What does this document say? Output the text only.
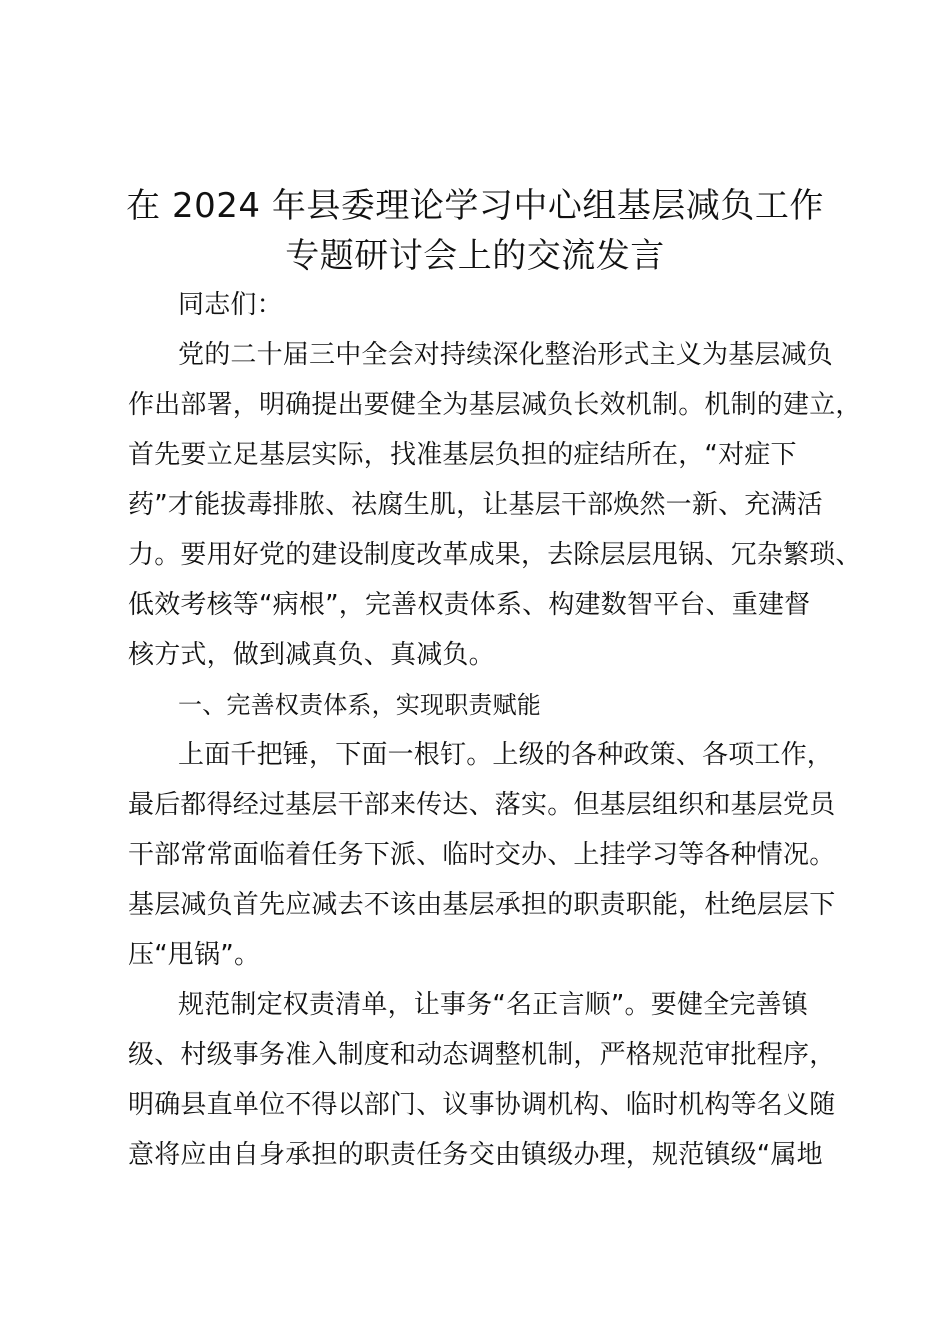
在 2024 年县委理论学习中心组基层减负工作
专题研讨会上的交流发言
同志们：
党的二十届三中全会对持续深化整治形式主义为基层减负
作出部署，明确提出要健全为基层减负长效机制。机制的建立，
首先要立足基层实际，找准基层负担的症结所在，“对症下
药”才能拔毒排脓、祛腐生肌，让基层干部焕然一新、充满活
力。要用好党的建设制度改革成果，去除层层甩锅、冗杂繁琐、
低效考核等“病根”，完善权责体系、构建数智平台、重建督
核方式，做到减真负、真减负。
一、完善权责体系，实现职责赋能
上面千把锤，下面一根钉。上级的各种政策、各项工作，
最后都得经过基层干部来传达、落实。但基层组织和基层党员
干部常常面临着任务下派、临时交办、上挂学习等各种情况。
基层减负首先应减去不该由基层承担的职责职能，杜绝层层下
压“甩锅”。
规范制定权责清单，让事务“名正言顺”。要健全完善镇
级、村级事务准入制度和动态调整机制，严格规范审批程序，
明确县直单位不得以部门、议事协调机构、临时机构等名义随
意将应由自身承担的职责任务交由镇级办理，规范镇级“属地
